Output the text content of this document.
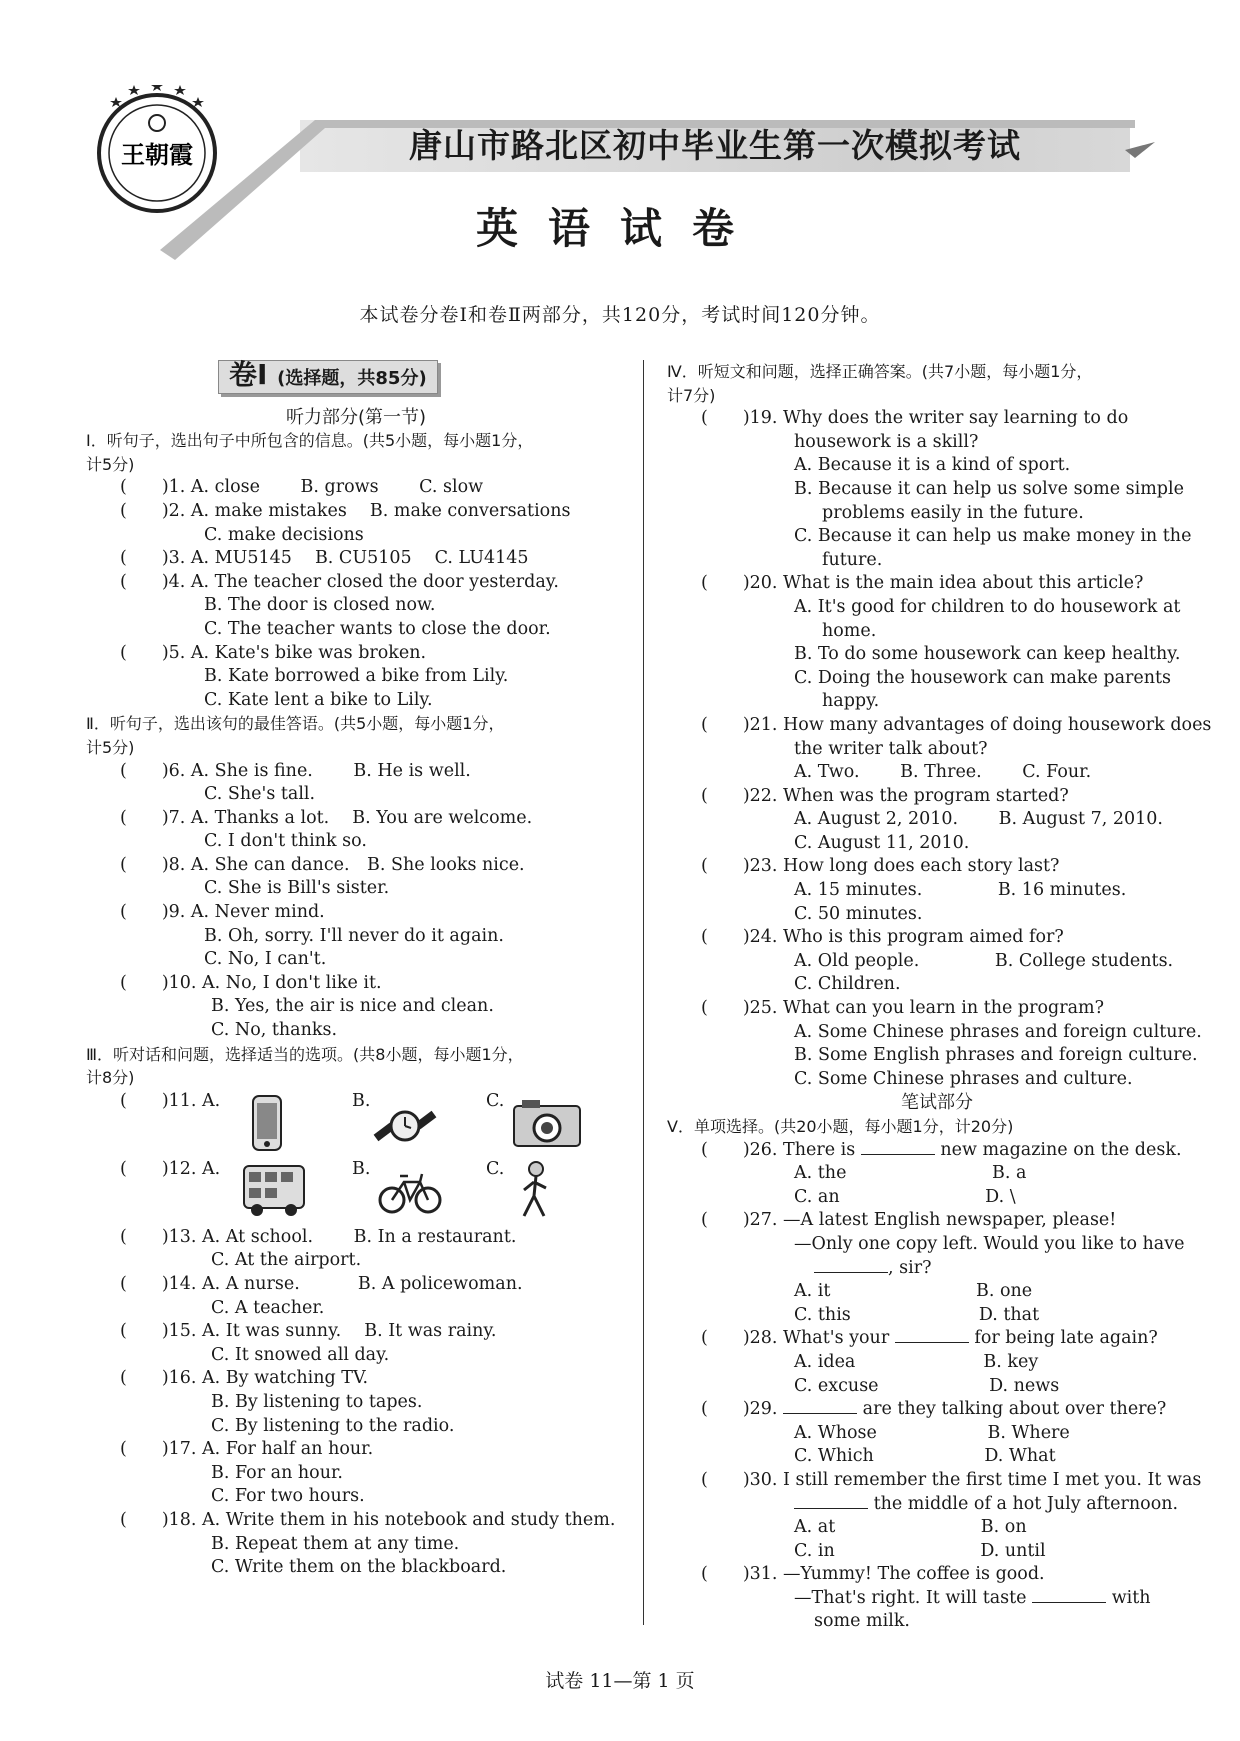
唐山市路北区初中毕业生第一次模拟考试
英语试卷
本试卷分卷Ⅰ和卷Ⅱ两部分，共120分，考试时间120分钟。
王朝霞
卷Ⅰ (选择题，共85分)
听力部分(第一节)
Ⅰ．听句子，选出句子中所包含的信息。(共5小题，每小题1分，
计5分)
(　　)1. A. close　　 B. grows　　 C. slow
(　　)2. A. make mistakes　 B. make conversations
C. make decisions
(　　)3. A. MU5145　 B. CU5105　 C. LU4145
(　　)4. A. The teacher closed the door yesterday.
B. The door is closed now.
C. The teacher wants to close the door.
(　　)5. A. Kate's bike was broken.
B. Kate borrowed a bike from Lily.
C. Kate lent a bike to Lily.
Ⅱ．听句子，选出该句的最佳答语。(共5小题，每小题1分，
计5分)
(　　)6. A. She is fine.　　 B. He is well.
C. She's tall.
(　　)7. A. Thanks a lot.　 B. You are welcome.
C. I don't think so.
(　　)8. A. She can dance.　B. She looks nice.
C. She is Bill's sister.
(　　)9. A. Never mind.
B. Oh, sorry. I'll never do it again.
C. No, I can't.
(　　)10. A. No, I don't like it.
B. Yes, the air is nice and clean.
C. No, thanks.
Ⅲ．听对话和问题，选择适当的选项。(共8小题，每小题1分，
计8分)
(　　)11. A.	B.	C.
(　　)12. A.	B.	C.
(　　)13. A. At school.　　 B. In a restaurant.
C. At the airport.
(　　)14. A. A nurse.　　　 B. A policewoman.
C. A teacher.
(　　)15. A. It was sunny.　 B. It was rainy.
C. It snowed all day.
(　　)16. A. By watching TV.
B. By listening to tapes.
C. By listening to the radio.
(　　)17. A. For half an hour.
B. For an hour.
C. For two hours.
(　　)18. A. Write them in his notebook and study them.
B. Repeat them at any time.
C. Write them on the blackboard.
Ⅳ．听短文和问题，选择正确答案。(共7小题，每小题1分，
计7分)
(　　)19. Why does the writer say learning to do
housework is a skill?
A. Because it is a kind of sport.
B. Because it can help us solve some simple
problems easily in the future.
C. Because it can help us make money in the
future.
(　　)20. What is the main idea about this article?
A. It's good for children to do housework at
home.
B. To do some housework can keep healthy.
C. Doing the housework can make parents
happy.
(　　)21. How many advantages of doing housework does
the writer talk about?
A. Two.　　 B. Three.　　 C. Four.
(　　)22. When was the program started?
A. August 2, 2010.　　 B. August 7, 2010.
C. August 11, 2010.
(　　)23. How long does each story last?
A. 15 minutes.　　　　 B. 16 minutes.
C. 50 minutes.
(　　)24. Who is this program aimed for?
A. Old people.　　　　 B. College students.
C. Children.
(　　)25. What can you learn in the program?
A. Some Chinese phrases and foreign culture.
B. Some English phrases and foreign culture.
C. Some Chinese phrases and culture.
笔试部分
Ⅴ．单项选择。(共20小题，每小题1分，计20分)
(　　)26. There is	new magazine on the desk.
A. the　　　　　　　　 B. a
C. an　　　　　　　　 D. \
(　　)27. —A latest English newspaper, please!
—Only one copy left. Would you like to have
, sir?
A. it　　　　　　　　 B. one
C. this　　　　　　　 D. that
(　　)28. What's your	for being late again?
A. idea　　　　　　　 B. key
C. excuse　　　　　　 D. news
(　　)29.	are they talking about over there?
A. Whose　　　　　　 B. Where
C. Which　　　　　　 D. What
(　　)30. I still remember the first time I met you. It was
the middle of a hot July afternoon.
A. at　　　　　　　　 B. on
C. in　　　　　　　　 D. until
(　　)31. —Yummy! The coffee is good.
—That's right. It will taste	with
some milk.
试卷 11—第 1 页
